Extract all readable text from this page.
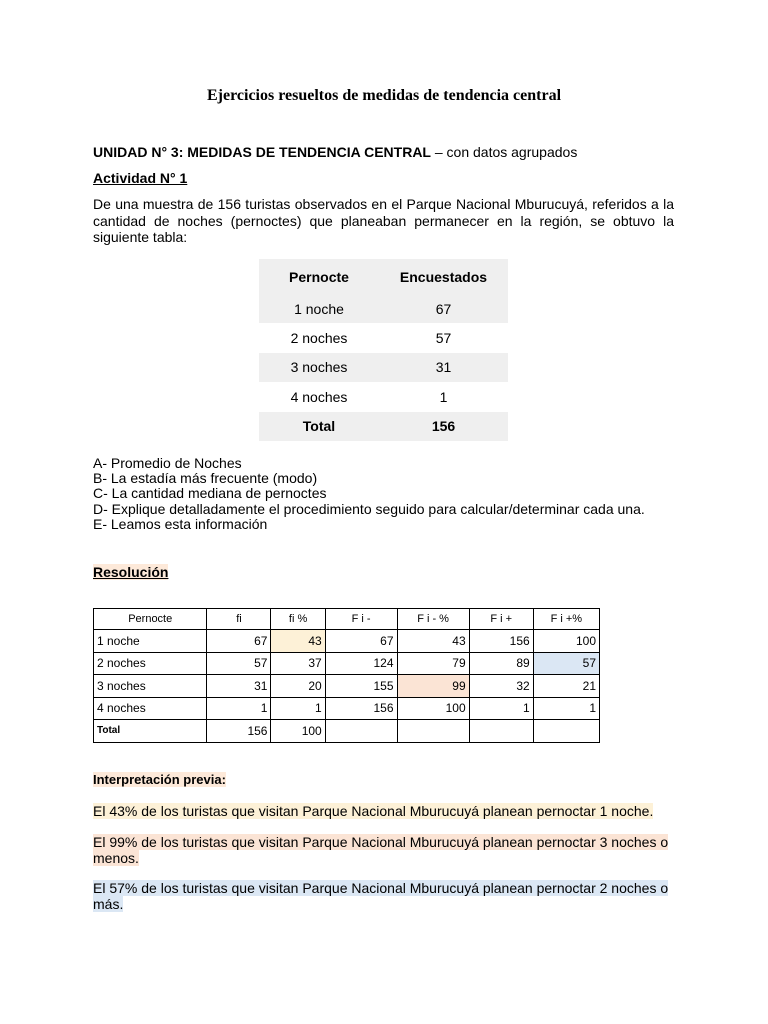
Ejercicios resueltos de medidas de tendencia central

UNIDAD N° 3: MEDIDAS DE TENDENCIA CENTRAL – con datos agrupados

Actividad N° 1

De una muestra de 156 turistas observados en el Parque Nacional Mburucuyá, referidos a la cantidad de noches (pernoctes) que planeaban permanecer en la región, se obtuvo la siguiente tabla:

Pernocte	Encuestados
1 noche	67
2 noches	57
3 noches	31
4 noches	1
Total	156
A- Promedio de Noches
B- La estadía más frecuente (modo)
C- La cantidad mediana de pernoctes
D- Explique detalladamente el procedimiento seguido para calcular/determinar cada una.
E- Leamos esta información

Resolución

Pernocte	fi	fi %	F i -	F i - %	F i +	F i +%
1 noche	67	43	67	43	156	100
2 noches	57	37	124	79	89	57
3 noches	31	20	155	99	32	21
4 noches	1	1	156	100	1	1
Total	156	100				

Interpretación previa:

El 43% de los turistas que visitan Parque Nacional Mburucuyá planean pernoctar 1 noche.

El 99% de los turistas que visitan Parque Nacional Mburucuyá planean pernoctar 3 noches o menos.

El 57% de los turistas que visitan Parque Nacional Mburucuyá planean pernoctar 2 noches o más.
